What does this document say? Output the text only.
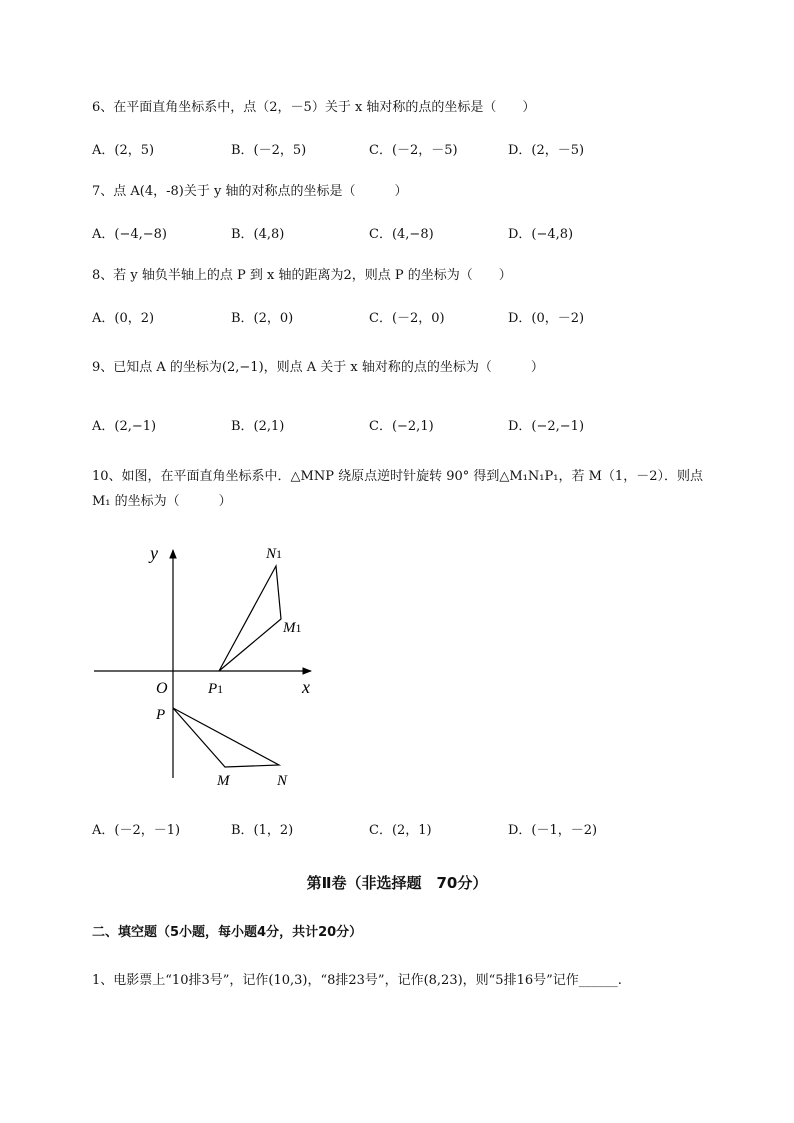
6、在平面直角坐标系中，点（2，－5）关于 x 轴对称的点的坐标是（　　）
A．(2，5)	B．(－2，5)	C．(－2，－5)	D．(2，－5)
7、点 A(4，-8)关于 y 轴的对称点的坐标是（　　　）
A．(−4,−8)	B．(4,8)	C．(4,−8)	D．(−4,8)
8、若 y 轴负半轴上的点 P 到 x 轴的距离为2，则点 P 的坐标为（　　）
A．(0，2)	B．(2，0)	C．(－2，0)	D．(0，－2)
9、已知点 A 的坐标为(2,−1)，则点 A 关于 x 轴对称的点的坐标为（　　　）
A．(2,−1)	B．(2,1)	C．(−2,1)	D．(−2,−1)
10、如图，在平面直角坐标系中．△MNP 绕原点逆时针旋转 90° 得到△M₁N₁P₁，若 M（1，－2）．则点
M₁ 的坐标为（　　　）
y
x
O
N1
M1
P1
P
M	N
A．(－2，－1)	B．(1，2)	C．(2，1)	D．(－1，－2)
第Ⅱ卷（非选择题　70分）
二、填空题（5小题，每小题4分，共计20分）
1、电影票上“10排3号”，记作(10,3)，“8排23号”，记作(8,23)，则“5排16号”记作______.
